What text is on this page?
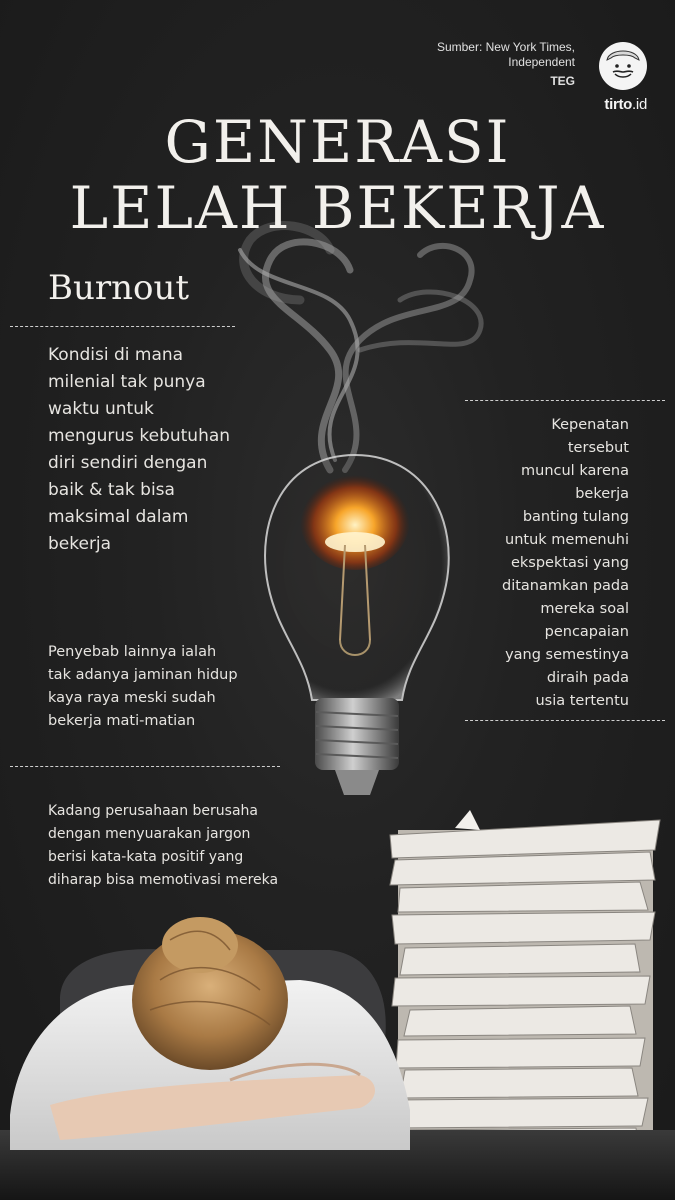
Sumber: New York Times,
Independent
TEG
tirto.id
GENERASI
LELAH BEKERJA
Burnout
Kondisi di mana
milenial tak punya
waktu untuk
mengurus kebutuhan
diri sendiri dengan
baik & tak bisa
maksimal dalam
bekerja
Kepenatan
tersebut
muncul karena
bekerja
banting tulang
untuk memenuhi
ekspektasi yang
ditanamkan pada
mereka soal
pencapaian
yang semestinya
diraih pada
usia tertentu
Penyebab lainnya ialah
tak adanya jaminan hidup
kaya raya meski sudah
bekerja mati-matian
Kadang perusahaan berusaha
dengan menyuarakan jargon
berisi kata-kata positif yang
diharap bisa memotivasi mereka
